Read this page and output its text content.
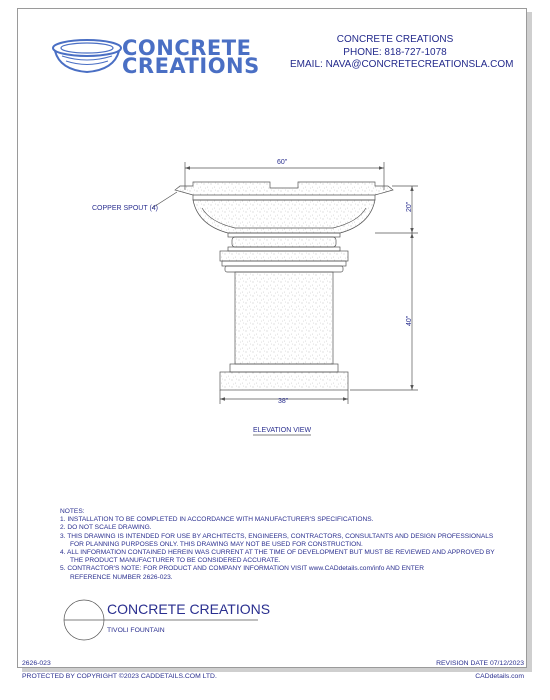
CONCRETE
CREATIONS
CONCRETE CREATIONS
PHONE: 818-727-1078
EMAIL: NAVA@CONCRETECREATIONSLA.COM
60"
20"
40"
38"
COPPER SPOUT (4)
ELEVATION VIEW
NOTES:
1. INSTALLATION TO BE COMPLETED IN ACCORDANCE WITH MANUFACTURER'S SPECIFICATIONS.
2. DO NOT SCALE DRAWING.
3. THIS DRAWING IS INTENDED FOR USE BY ARCHITECTS, ENGINEERS, CONTRACTORS, CONSULTANTS AND DESIGN PROFESSIONALS
FOR PLANNING PURPOSES ONLY. THIS DRAWING MAY NOT BE USED FOR CONSTRUCTION.
4. ALL INFORMATION CONTAINED HEREIN WAS CURRENT AT THE TIME OF DEVELOPMENT BUT MUST BE REVIEWED AND APPROVED BY
THE PRODUCT MANUFACTURER TO BE CONSIDERED ACCURATE.
5. CONTRACTOR'S NOTE: FOR PRODUCT AND COMPANY INFORMATION VISIT www.CADdetails.com/info AND ENTER
REFERENCE NUMBER 2626-023.
CONCRETE CREATIONS
TIVOLI FOUNTAIN
2626-023	REVISION DATE 07/12/2023
PROTECTED BY COPYRIGHT ©2023 CADDETAILS.COM LTD.	CADdetails.com
